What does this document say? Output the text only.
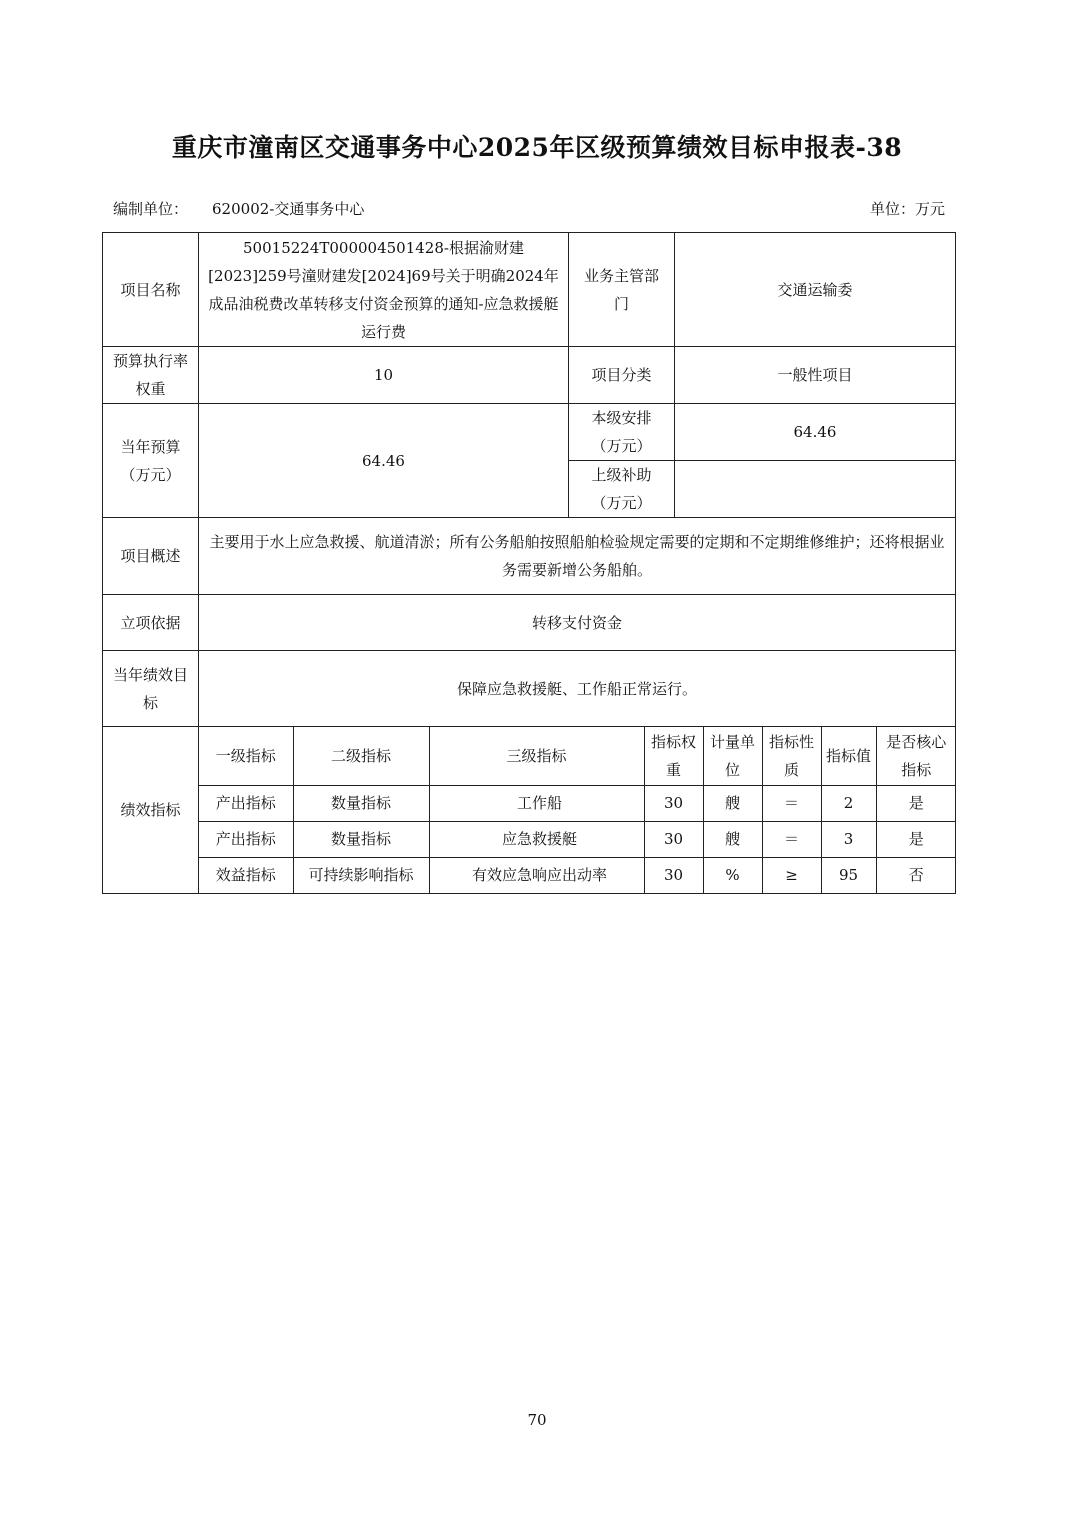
重庆市潼南区交通事务中心2025年区级预算绩效目标申报表-38
编制单位： 620002-交通事务中心	单位：万元
项目名称	50015224T000004501428-根据渝财建[2023]259号潼财建发[2024]69号关于明确2024年成品油税费改革转移支付资金预算的通知-应急救援艇运行费	业务主管部门	交通运输委
预算执行率权重	10	项目分类	一般性项目
当年预算（万元）	64.46	本级安排（万元）	64.46
上级补助（万元）	
项目概述	主要用于水上应急救援、航道清淤；所有公务船舶按照船舶检验规定需要的定期和不定期维修维护；还将根据业务需要新增公务船舶。
立项依据	转移支付资金
当年绩效目标	保障应急救援艇、工作船正常运行。
绩效指标	
一级指标	二级指标	三级指标	指标权重	计量单位	指标性质	指标值	是否核心指标
产出指标	数量指标	工作船	30	艘	＝	2	是
产出指标	数量指标	应急救援艇	30	艘	＝	3	是
效益指标	可持续影响指标	有效应急响应出动率	30	%	≥	95	否
70
